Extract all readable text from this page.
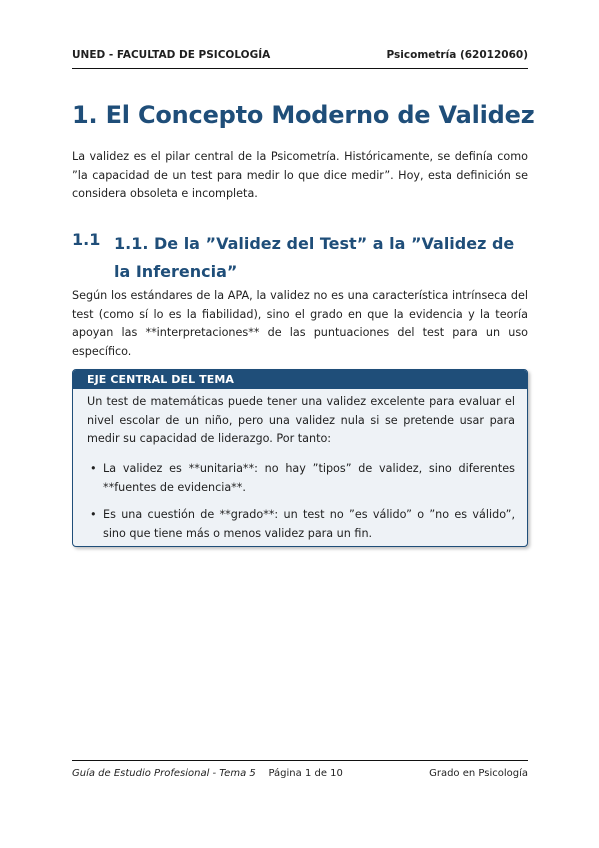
UNED - FACULTAD DE PSICOLOGÍA	Psicometría (62012060)
1. El Concepto Moderno de Validez

La validez es el pilar central de la Psicometría. Históricamente, se definía como ”la capacidad de un test para medir lo que dice medir”. Hoy, esta definición se considera obsoleta e incompleta.

1.1 1.1. De la ”Validez del Test” a la ”Validez de la Inferencia”

Según los estándares de la APA, la validez no es una característica intrínseca del test (como sí lo es la fiabilidad), sino el grado en que la evidencia y la teoría apoyan las **interpretaciones** de las puntuaciones del test para un uso específico.

EJE CENTRAL DEL TEMA

Un test de matemáticas puede tener una validez excelente para evaluar el nivel escolar de un niño, pero una validez nula si se pretende usar para medir su capacidad de liderazgo. Por tanto:

• La validez es **unitaria**: no hay ”tipos” de validez, sino diferentes **fuentes de evidencia**.
• Es una cuestión de **grado**: un test no ”es válido” o ”no es válido”, sino que tiene más o menos validez para un fin.
Guía de Estudio Profesional - Tema 5 Página 1 de 10	Grado en Psicología
